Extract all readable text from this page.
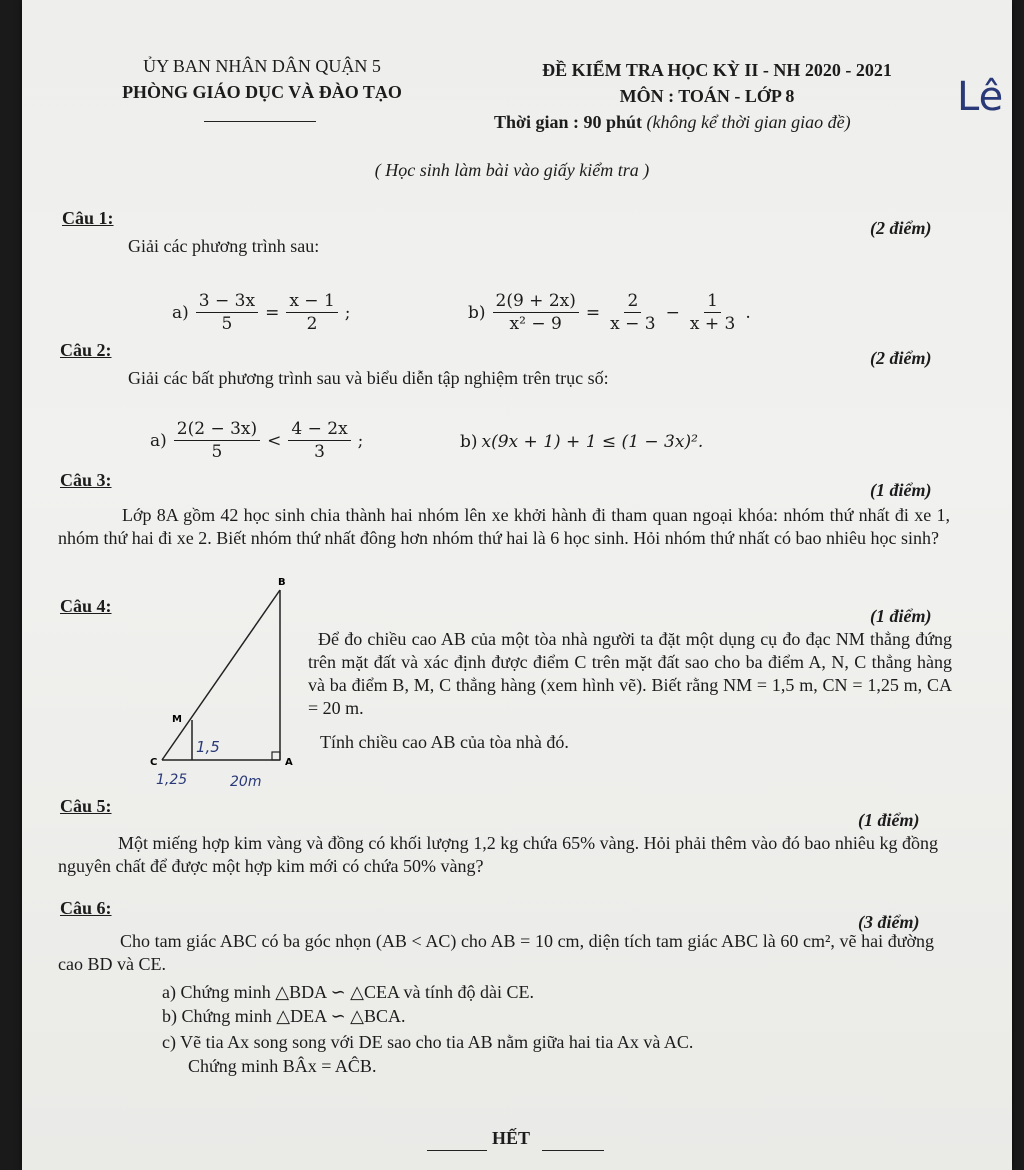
ỦY BAN NHÂN DÂN QUẬN 5
PHÒNG GIÁO DỤC VÀ ĐÀO TẠO
ĐỀ KIỂM TRA HỌC KỲ II - NH 2020 - 2021
MÔN : TOÁN - LỚP 8
Thời gian : 90 phút (không kể thời gian giao đề)
Lê
( Học sinh làm bài vào giấy kiểm tra )
Câu 1:	(2 điểm)
Giải các phương trình sau:
$a) \frac{3 - 3x}{5} = \frac{x - 1}{2}$ ;	$b) \frac{2(9 + 2x)}{\text{x² − 9}} = \frac{2}{x - 3} - \frac{1}{x + 3}$ .
Câu 2:	(2 điểm)
Giải các bất phương trình sau và biểu diễn tập nghiệm trên trục số:
$a) \frac{2(2 - 3x)}{5} < \frac{4 - 2x}{3}$ ;	b) x(9x + 1) + 1 ≤ (1 − 3x)².
Câu 3:	(1 điểm)
Lớp 8A gồm 42 học sinh chia thành hai nhóm lên xe khởi hành đi tham quan ngoại khóa: nhóm thứ nhất đi xe 1, nhóm thứ hai đi xe 2. Biết nhóm thứ nhất đông hơn nhóm thứ hai là 6 học sinh. Hỏi nhóm thứ nhất có bao nhiêu học sinh?
Câu 4:	(1 điểm)
B
M
C	A
1,5
1,25	20m
Để đo chiều cao AB của một tòa nhà người ta đặt một dụng cụ đo đạc NM thẳng đứng trên mặt đất và xác định được điểm C trên mặt đất sao cho ba điểm A, N, C thẳng hàng và ba điểm B, M, C thẳng hàng (xem hình vẽ). Biết rằng NM = 1,5 m, CN = 1,25 m, CA = 20 m.
Tính chiều cao AB của tòa nhà đó.
Câu 5:
(1 điểm)
Một miếng hợp kim vàng và đồng có khối lượng 1,2 kg chứa 65% vàng. Hỏi phải thêm vào đó bao nhiêu kg đồng nguyên chất để được một hợp kim mới có chứa 50% vàng?
Câu 6:
(3 điểm)
Cho tam giác ABC có ba góc nhọn (AB < AC) cho AB = 10 cm, diện tích tam giác ABC là 60 cm², vẽ hai đường cao BD và CE.
a) Chứng minh △BDA ∽ △CEA và tính độ dài CE.
b) Chứng minh △DEA ∽ △BCA.
c) Vẽ tia Ax song song với DE sao cho tia AB nằm giữa hai tia Ax và AC.
Chứng minh BÂx = AĈB.
HẾT
